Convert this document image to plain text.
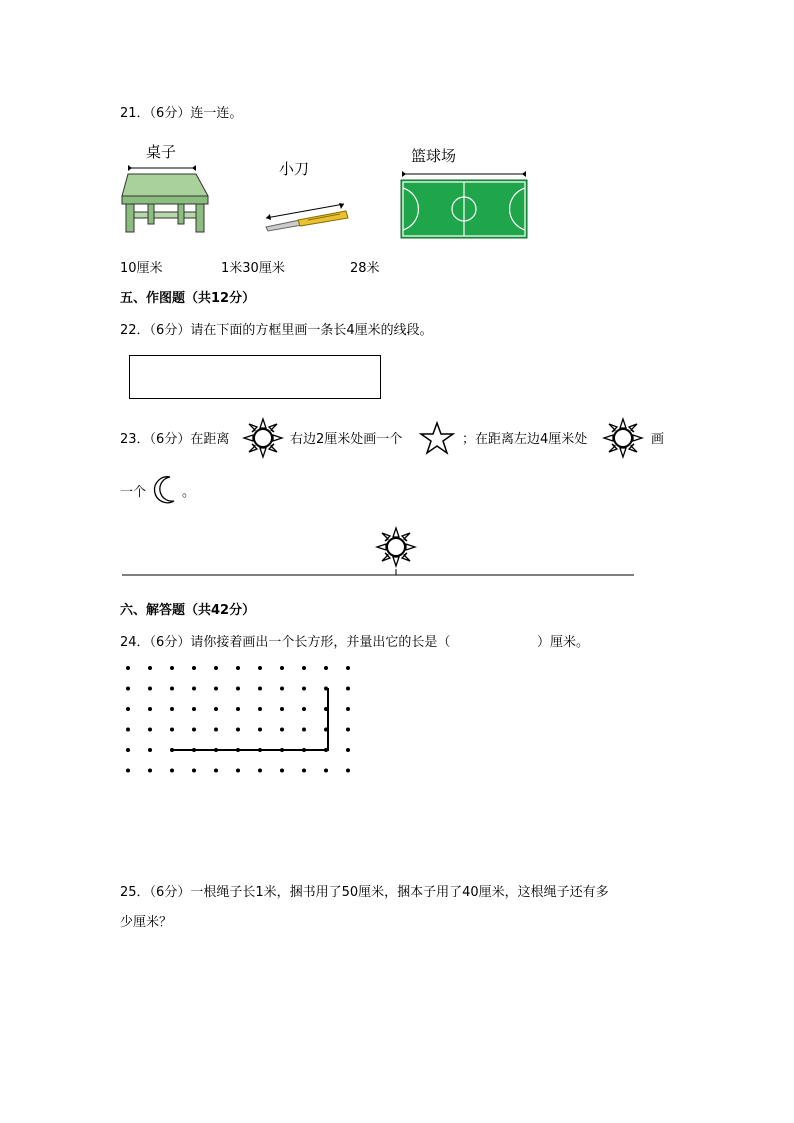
21．（6分）连一连。
桌子
小刀
篮球场
10厘米	1米30厘米	28米
五、作图题（共12分）
22．（6分）请在下面的方框里画一条长4厘米的线段。
23．（6分）在距离	右边2厘米处画一个	；在距离左边4厘米处	画
一个	。
六、解答题（共42分）
24．（6分）请你接着画出一个长方形，并量出它的长是（	）厘米。
25．（6分）一根绳子长1米，捆书用了50厘米，捆本子用了40厘米，这根绳子还有多
少厘米？
